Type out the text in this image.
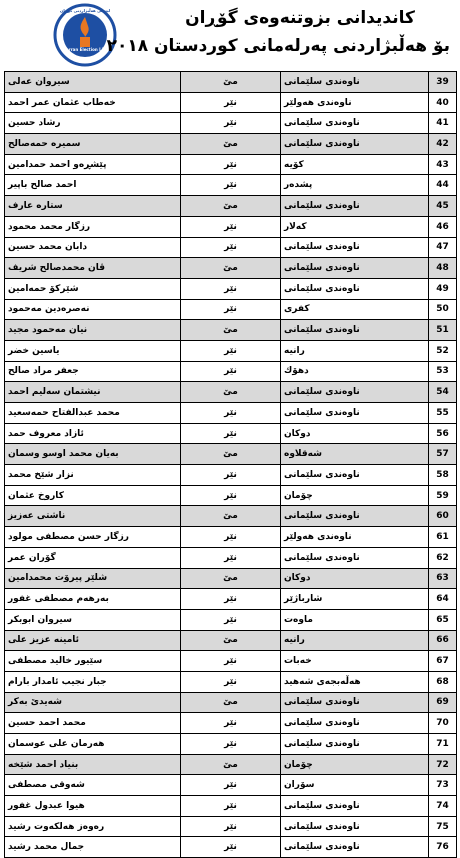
Gorran Election List
ليستی هەڵبژاردنی گۆڕان	كانديدانى بزوتنەوەی گۆڕان
بۆ هەڵبژاردنی پەرلەمانی كوردستان ٢٠١٨
سيروان عەلی	مێ	ناوەندی سلێمانی	39
خەطاب عثمان عمر احمد	نێر	ناوەندی هەولێر	40
رشاد حسين	نێر	ناوەندی سلێمانی	41
سميرە حمەصالح	مێ	ناوەندی سلێمانی	42
پێشڕەو احمد حمدامين	نێر	كۆيە	43
احمد صالح باپير	نێر	پشدەر	44
ستارە عارف	مێ	ناوەندی سلێمانی	45
رزگار محمد محمود	نێر	كەلار	46
دابان محمد حسين	نێر	ناوەندی سلێمانی	47
ڤان محمدصالح شريف	مێ	ناوەندی سلێمانی	48
شێركۆ حمەامين	نێر	ناوەندی سلێمانی	49
نەصرەدين مەحمود	نێر	كفری	50
نيان مەحمود مجيد	مێ	ناوەندی سلێمانی	51
ياسين خضر	نێر	رانيە	52
جعفر مراد صالح	نێر	دهۆك	53
نيشتمان سەليم احمد	مێ	ناوەندی سلێمانی	54
محمد عبدالفتاح حمەسعيد	نێر	ناوەندی سلێمانی	55
ئازاد معروف حمد	نێر	دوكان	56
بەيان محمد اوسو وسمان	مێ	شەقلاوە	57
نزار شێخ محمد	نێر	ناوەندی سلێمانی	58
كاروخ عثمان	نێر	چۆمان	59
ناشتی عەزيز	مێ	ناوەندی سلێمانی	60
رزگار حسن مصطفى مولود	نێر	ناوەندی هەولێر	61
گۆران عمر	نێر	ناوەندی سلێمانی	62
شلێر پيرۆت محمدامين	مێ	دوكان	63
بەرهەم مصطفى غفور	نێر	شارباژێر	64
سيروان ابوبكر	نێر	ماوەت	65
ئامينە عزيز علی	مێ	رانيە	66
سێيور خاليد مصطفى	نێر	خەبات	67
جبار نجيب ئامدار بارام	نێر	هەڵەبجەی شەهيد	68
شەيدێ بەكر	مێ	ناوەندی سلێمانی	69
محمد احمد حسين	نێر	ناوەندی سلێمانی	70
هەرمان علی عوسمان	نێر	ناوەندی سلێمانی	71
بنياد احمد شێخە	مێ	چۆمان	72
شەوقی مصطفى	نێر	سۆران	73
هيوا عبدول غفور	نێر	ناوەندی سلێمانی	74
رەوەز هەلكەوت رشيد	نێر	ناوەندی سلێمانی	75
جمال محمد رشيد	نێر	ناوەندی سلێمانی	76
